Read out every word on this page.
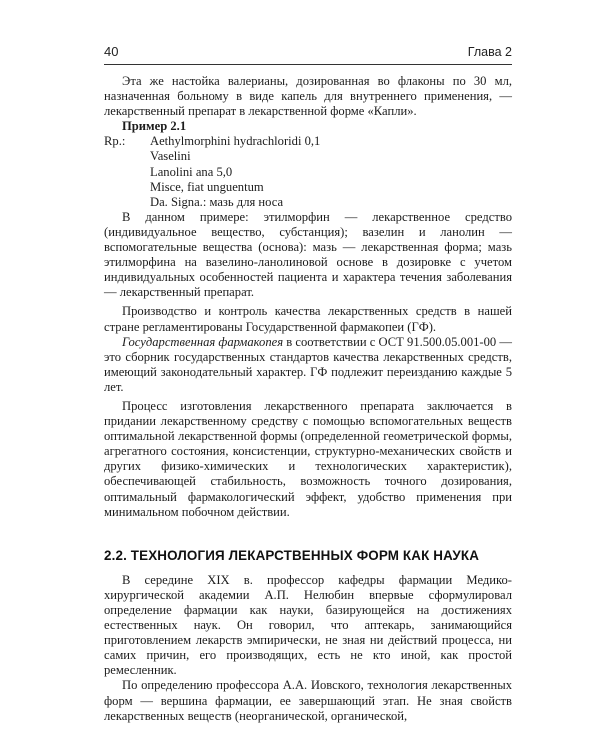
40	Глава 2

Эта же настойка валерианы, дозированная во флаконы по 30 мл, назначенная больному в виде капель для внутреннего применения, — лекарственный препарат в лекарственной форме «Капли».

Пример 2.1

Rp.:	Aethylmorphini hydrachloridi 0,1
Vaselini
Lanolini ana 5,0
Misce, fiat unguentum
Da. Signa.: мазь для носа

В данном примере: этилморфин — лекарственное средство (индивидуальное вещество, субстанция); вазелин и ланолин — вспомогательные вещества (основа): мазь — лекарственная форма; мазь этилморфина на вазелино-ланолиновой основе в дозировке с учетом индивидуальных особенностей пациента и характера течения заболевания — лекарственный препарат.

Производство и контроль качества лекарственных средств в нашей стране регламентированы Государственной фармакопеи (ГФ).

Государственная фармакопея в соответствии с ОСТ 91.500.05.001-00 — это сборник государственных стандартов качества лекарственных средств, имеющий законодательный характер. ГФ подлежит переизданию каждые 5 лет.

Процесс изготовления лекарственного препарата заключается в придании лекарственному средству с помощью вспомогательных веществ оптимальной лекарственной формы (определенной геометрической формы, агрегатного состояния, консистенции, структурно-механических свойств и других физико-химических и технологических характеристик), обеспечивающей стабильность, возможность точного дозирования, оптимальный фармакологический эффект, удобство применения при минимальном побочном действии.

2.2. ТЕХНОЛОГИЯ ЛЕКАРСТВЕННЫХ ФОРМ КАК НАУКА

В середине XIX в. профессор кафедры фармации Медико-хирургической академии А.П. Нелюбин впервые сформулировал определение фармации как науки, базирующейся на достижениях естественных наук. Он говорил, что аптекарь, занимающийся приготовлением лекарств эмпирически, не зная ни действий процесса, ни самих причин, его производящих, есть не кто иной, как простой ремесленник.

По определению профессора А.А. Иовского, технология лекарственных форм — вершина фармации, ее завершающий этап. Не зная свойств лекарственных веществ (неорганической, органической,
